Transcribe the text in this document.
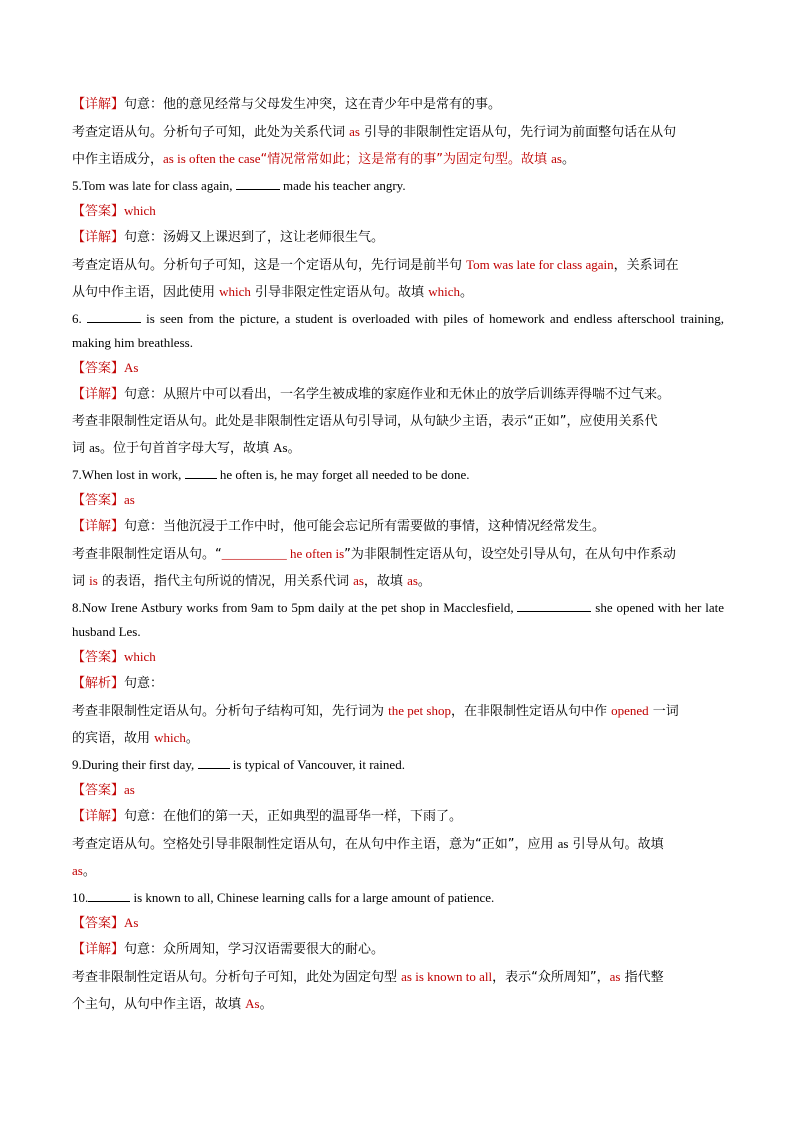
【详解】句意：他的意见经常与父母发生冲突，这在青少年中是常有的事。
考查定语从句。分析句子可知，此处为关系代词 as 引导的非限制性定语从句，先行词为前面整句话在从句
中作主语成分，as is often the case“情况常常如此；这是常有的事”为固定句型。故填 as。
5.Tom was late for class again,	made his teacher angry.
【答案】which
【详解】句意：汤姆又上课迟到了，这让老师很生气。
考查定语从句。分析句子可知，这是一个定语从句，先行词是前半句 Tom was late for class again，关系词在
从句中作主语，因此使用 which 引导非限定性定语从句。故填 which。
6.	is seen from the picture, a student is overloaded with piles of homework and endless afterschool training, making him breathless.
【答案】As
【详解】句意：从照片中可以看出，一名学生被成堆的家庭作业和无休止的放学后训练弄得喘不过气来。
考查非限制性定语从句。此处是非限制性定语从句引导词，从句缺少主语，表示“正如”，应使用关系代
词 as。位于句首首字母大写，故填 As。
7.When lost in work,  he often is, he may forget all needed to be done.
【答案】as
【详解】句意：当他沉浸于工作中时，他可能会忘记所有需要做的事情，这种情况经常发生。
考查非限制性定语从句。“__________ he often is”为非限制性定语从句，设空处引导从句，在从句中作系动
词 is 的表语，指代主句所说的情况，用关系代词 as，故填 as。
8.Now Irene Astbury works from 9am to 5pm daily at the pet shop in Macclesfield,	she opened with her late husband Les.
【答案】which
【解析】句意：
考查非限制性定语从句。分析句子结构可知，先行词为 the pet shop，在非限制性定语从句中作 opened 一词
的宾语，故用 which。
9.During their first day,  is typical of Vancouver, it rained.
【答案】as
【详解】句意：在他们的第一天，正如典型的温哥华一样，下雨了。
考查定语从句。空格处引导非限制性定语从句，在从句中作主语，意为“正如”，应用 as 引导从句。故填
as。
10.	is known to all, Chinese learning calls for a large amount of patience.
【答案】As
【详解】句意：众所周知，学习汉语需要很大的耐心。
考查非限制性定语从句。分析句子可知，此处为固定句型 as is known to all，表示“众所周知”，as 指代整
个主句，从句中作主语，故填 As。
